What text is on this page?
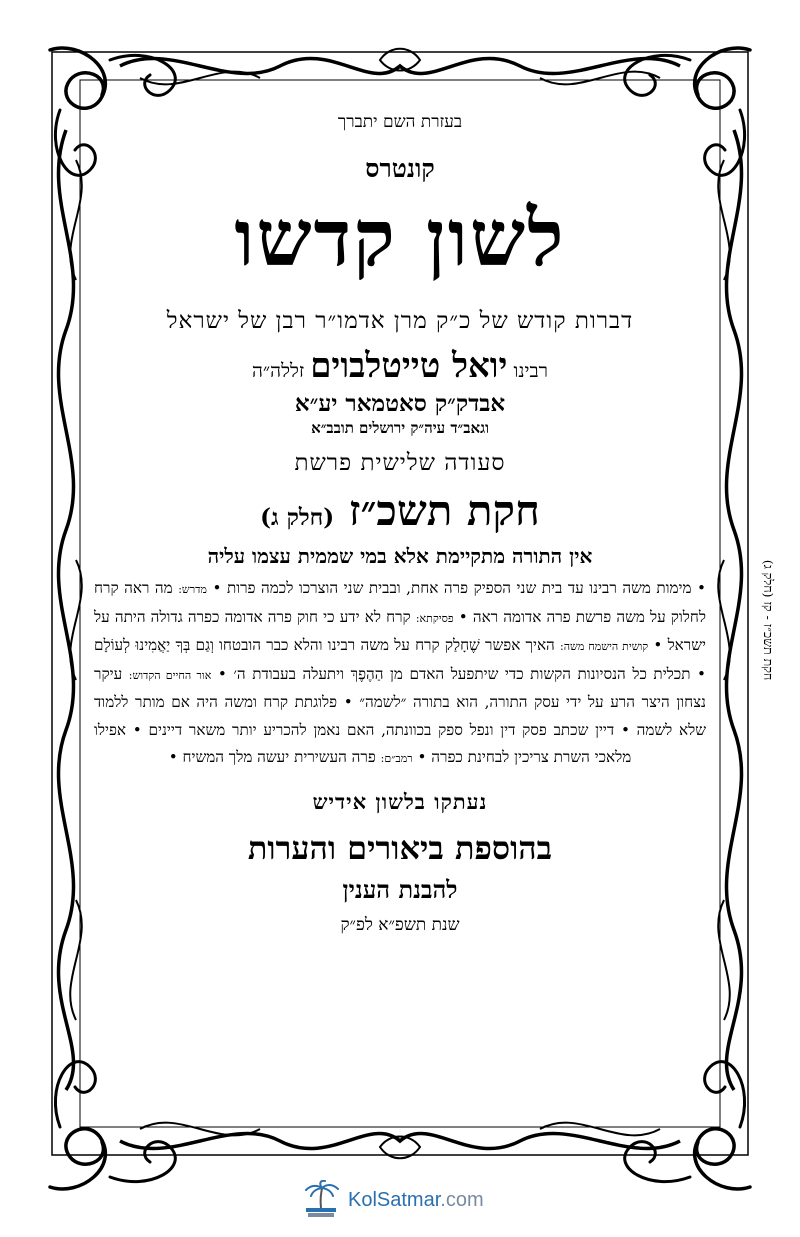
בעזרת השם יתברך
קונטרס
לשון קדשו
דברות קודש של כ״ק מרן אדמו״ר רבן של ישראל
רבינו יואל טייטלבוים זללה״ה
אבדק״ק סאטמאר יע״א
וגאב״ד עיה״ק ירושלים תובב״א
סעודה שלישית פרשת
חקת תשכ״ז (חלק ג)
אין התורה מתקיימת אלא במי שממית עצמו עליה
• מימות משה רבינו עד בית שני הספיק פרה אחת, ובבית שני הוצרכו לכמה פרות • מדרש: מה ראה קרח לחלוק על משה פרשת פרה אדומה ראה • פסיקתא: קרח לא ידע כי חוק פרה אדומה כפרה גדולה היתה על ישראל • קושית הישמח משה: האיך אפשר שֶׁחָלַק קרח על משה רבינו והלא כבר הובטחו וְגַם בְּךָ יַאֲמִינוּ לְעוֹלָם • תכלית כל הנסיונות הקשות כדי שיתפעל האדם מן הַהֶפֶךְ ויתעלה בעבודת ה׳ • אור החיים הקדוש: עיקר נצחון היצר הרע על ידי עסק התורה, הוא בתורה ״לשמה״ • פלוגתת קרח ומשה היה אם מותר ללמוד שלא לשמה • דיין שכתב פסק דין ונפל ספק בכוונתה, האם נאמן להכריע יותר משאר דיינים • אפילו מלאכי השרת צריכין לבחינת כפרה • רמב״ם: פרה העשירית יעשה מלך המשיח •
נעתקו בלשון אידיש
בהוספת ביאורים והערות
להבנת הענין
שנת תשפ״א לפ״ק
חקת תשכ״ז - קז (חלק ג)
KolSatmar.com
